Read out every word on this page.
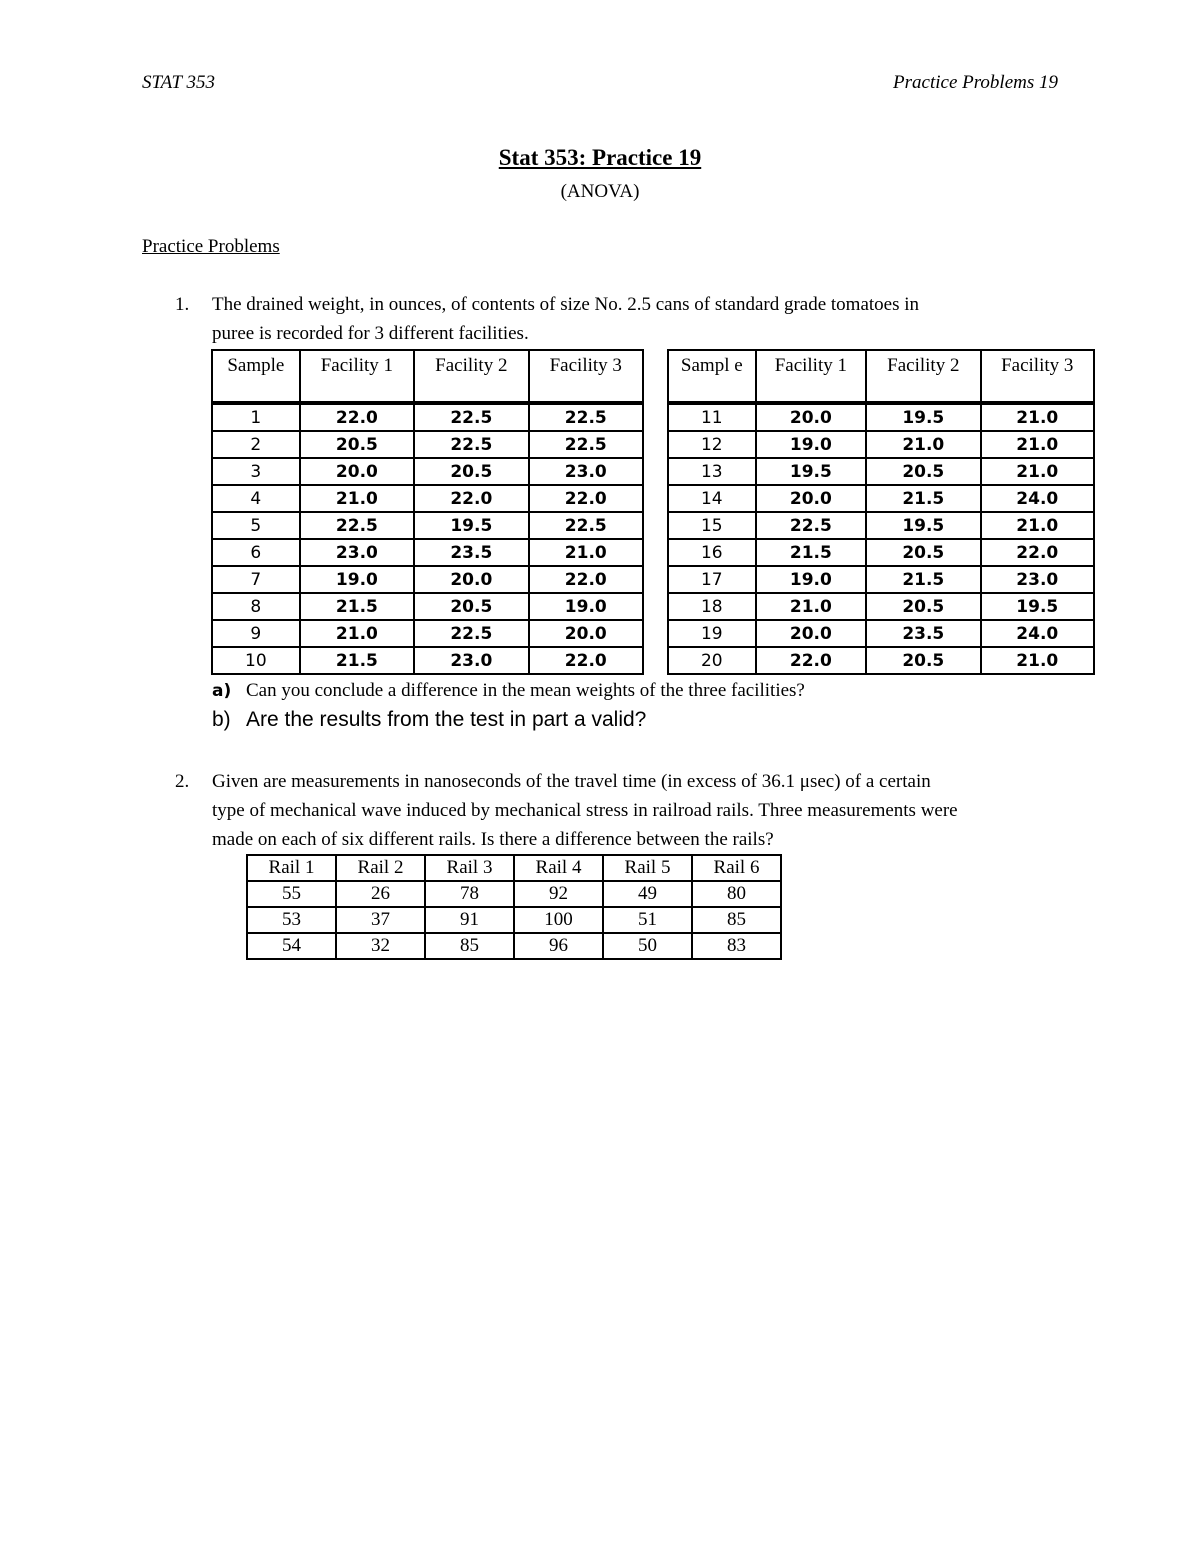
STAT 353	Practice Problems 19
Stat 353: Practice 19
(ANOVA)
Practice Problems
1. The drained weight, in ounces, of contents of size No. 2.5 cans of standard grade tomatoes in
puree is recorded for 3 different facilities.
Sample	Facility 1	Facility 2	Facility 3
1	22.0	22.5	22.5
2	20.5	22.5	22.5
3	20.0	20.5	23.0
4	21.0	22.0	22.0
5	22.5	19.5	22.5
6	23.0	23.5	21.0
7	19.0	20.0	22.0
8	21.5	20.5	19.0
9	21.0	22.5	20.0
10	21.5	23.0	22.0
Sampl e	Facility 1	Facility 2	Facility 3
11	20.0	19.5	21.0
12	19.0	21.0	21.0
13	19.5	20.5	21.0
14	20.0	21.5	24.0
15	22.5	19.5	21.0
16	21.5	20.5	22.0
17	19.0	21.5	23.0
18	21.0	20.5	19.5
19	20.0	23.5	24.0
20	22.0	20.5	21.0
a) Can you conclude a difference in the mean weights of the three facilities?
b) Are the results from the test in part a valid?
2. Given are measurements in nanoseconds of the travel time (in excess of 36.1 μsec) of a certain
type of mechanical wave induced by mechanical stress in railroad rails. Three measurements were
made on each of six different rails. Is there a difference between the rails?
Rail 1	Rail 2	Rail 3	Rail 4	Rail 5	Rail 6
55	26	78	92	49	80
53	37	91	100	51	85
54	32	85	96	50	83
